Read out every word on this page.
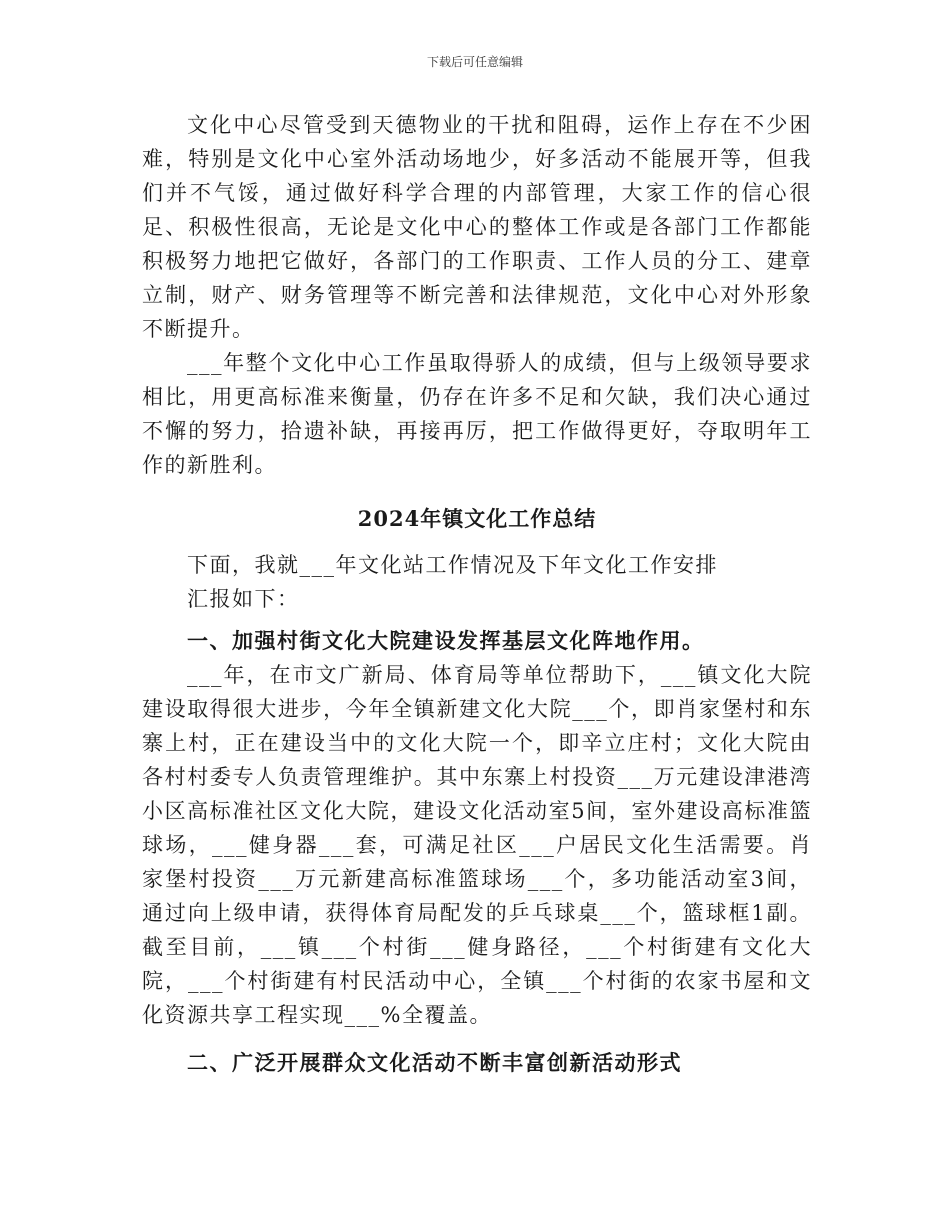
下载后可任意编辑

文化中心尽管受到天德物业的干扰和阻碍，运作上存在不少困难，特别是文化中心室外活动场地少，好多活动不能展开等，但我们并不气馁，通过做好科学合理的内部管理，大家工作的信心很足、积极性很高，无论是文化中心的整体工作或是各部门工作都能积极努力地把它做好，各部门的工作职责、工作人员的分工、建章立制，财产、财务管理等不断完善和法律规范，文化中心对外形象不断提升。

___年整个文化中心工作虽取得骄人的成绩，但与上级领导要求相比，用更高标准来衡量，仍存在许多不足和欠缺，我们决心通过不懈的努力，拾遗补缺，再接再厉，把工作做得更好，夺取明年工作的新胜利。

2024年镇文化工作总结

下面，我就___年文化站工作情况及下年文化工作安排

汇报如下：

一、加强村街文化大院建设发挥基层文化阵地作用。

___年，在市文广新局、体育局等单位帮助下，___镇文化大院建设取得很大进步，今年全镇新建文化大院___个，即肖家堡村和东寨上村，正在建设当中的文化大院一个，即辛立庄村；文化大院由各村村委专人负责管理维护。其中东寨上村投资___万元建设津港湾小区高标准社区文化大院，建设文化活动室5间，室外建设高标准篮球场，___健身器___套，可满足社区___户居民文化生活需要。肖家堡村投资___万元新建高标准篮球场___个，多功能活动室3间，通过向上级申请，获得体育局配发的乒乓球桌___个，篮球框1副。截至目前，___镇___个村街___健身路径，___个村街建有文化大院，___个村街建有村民活动中心，全镇___个村街的农家书屋和文化资源共享工程实现___%全覆盖。

二、广泛开展群众文化活动不断丰富创新活动形式
